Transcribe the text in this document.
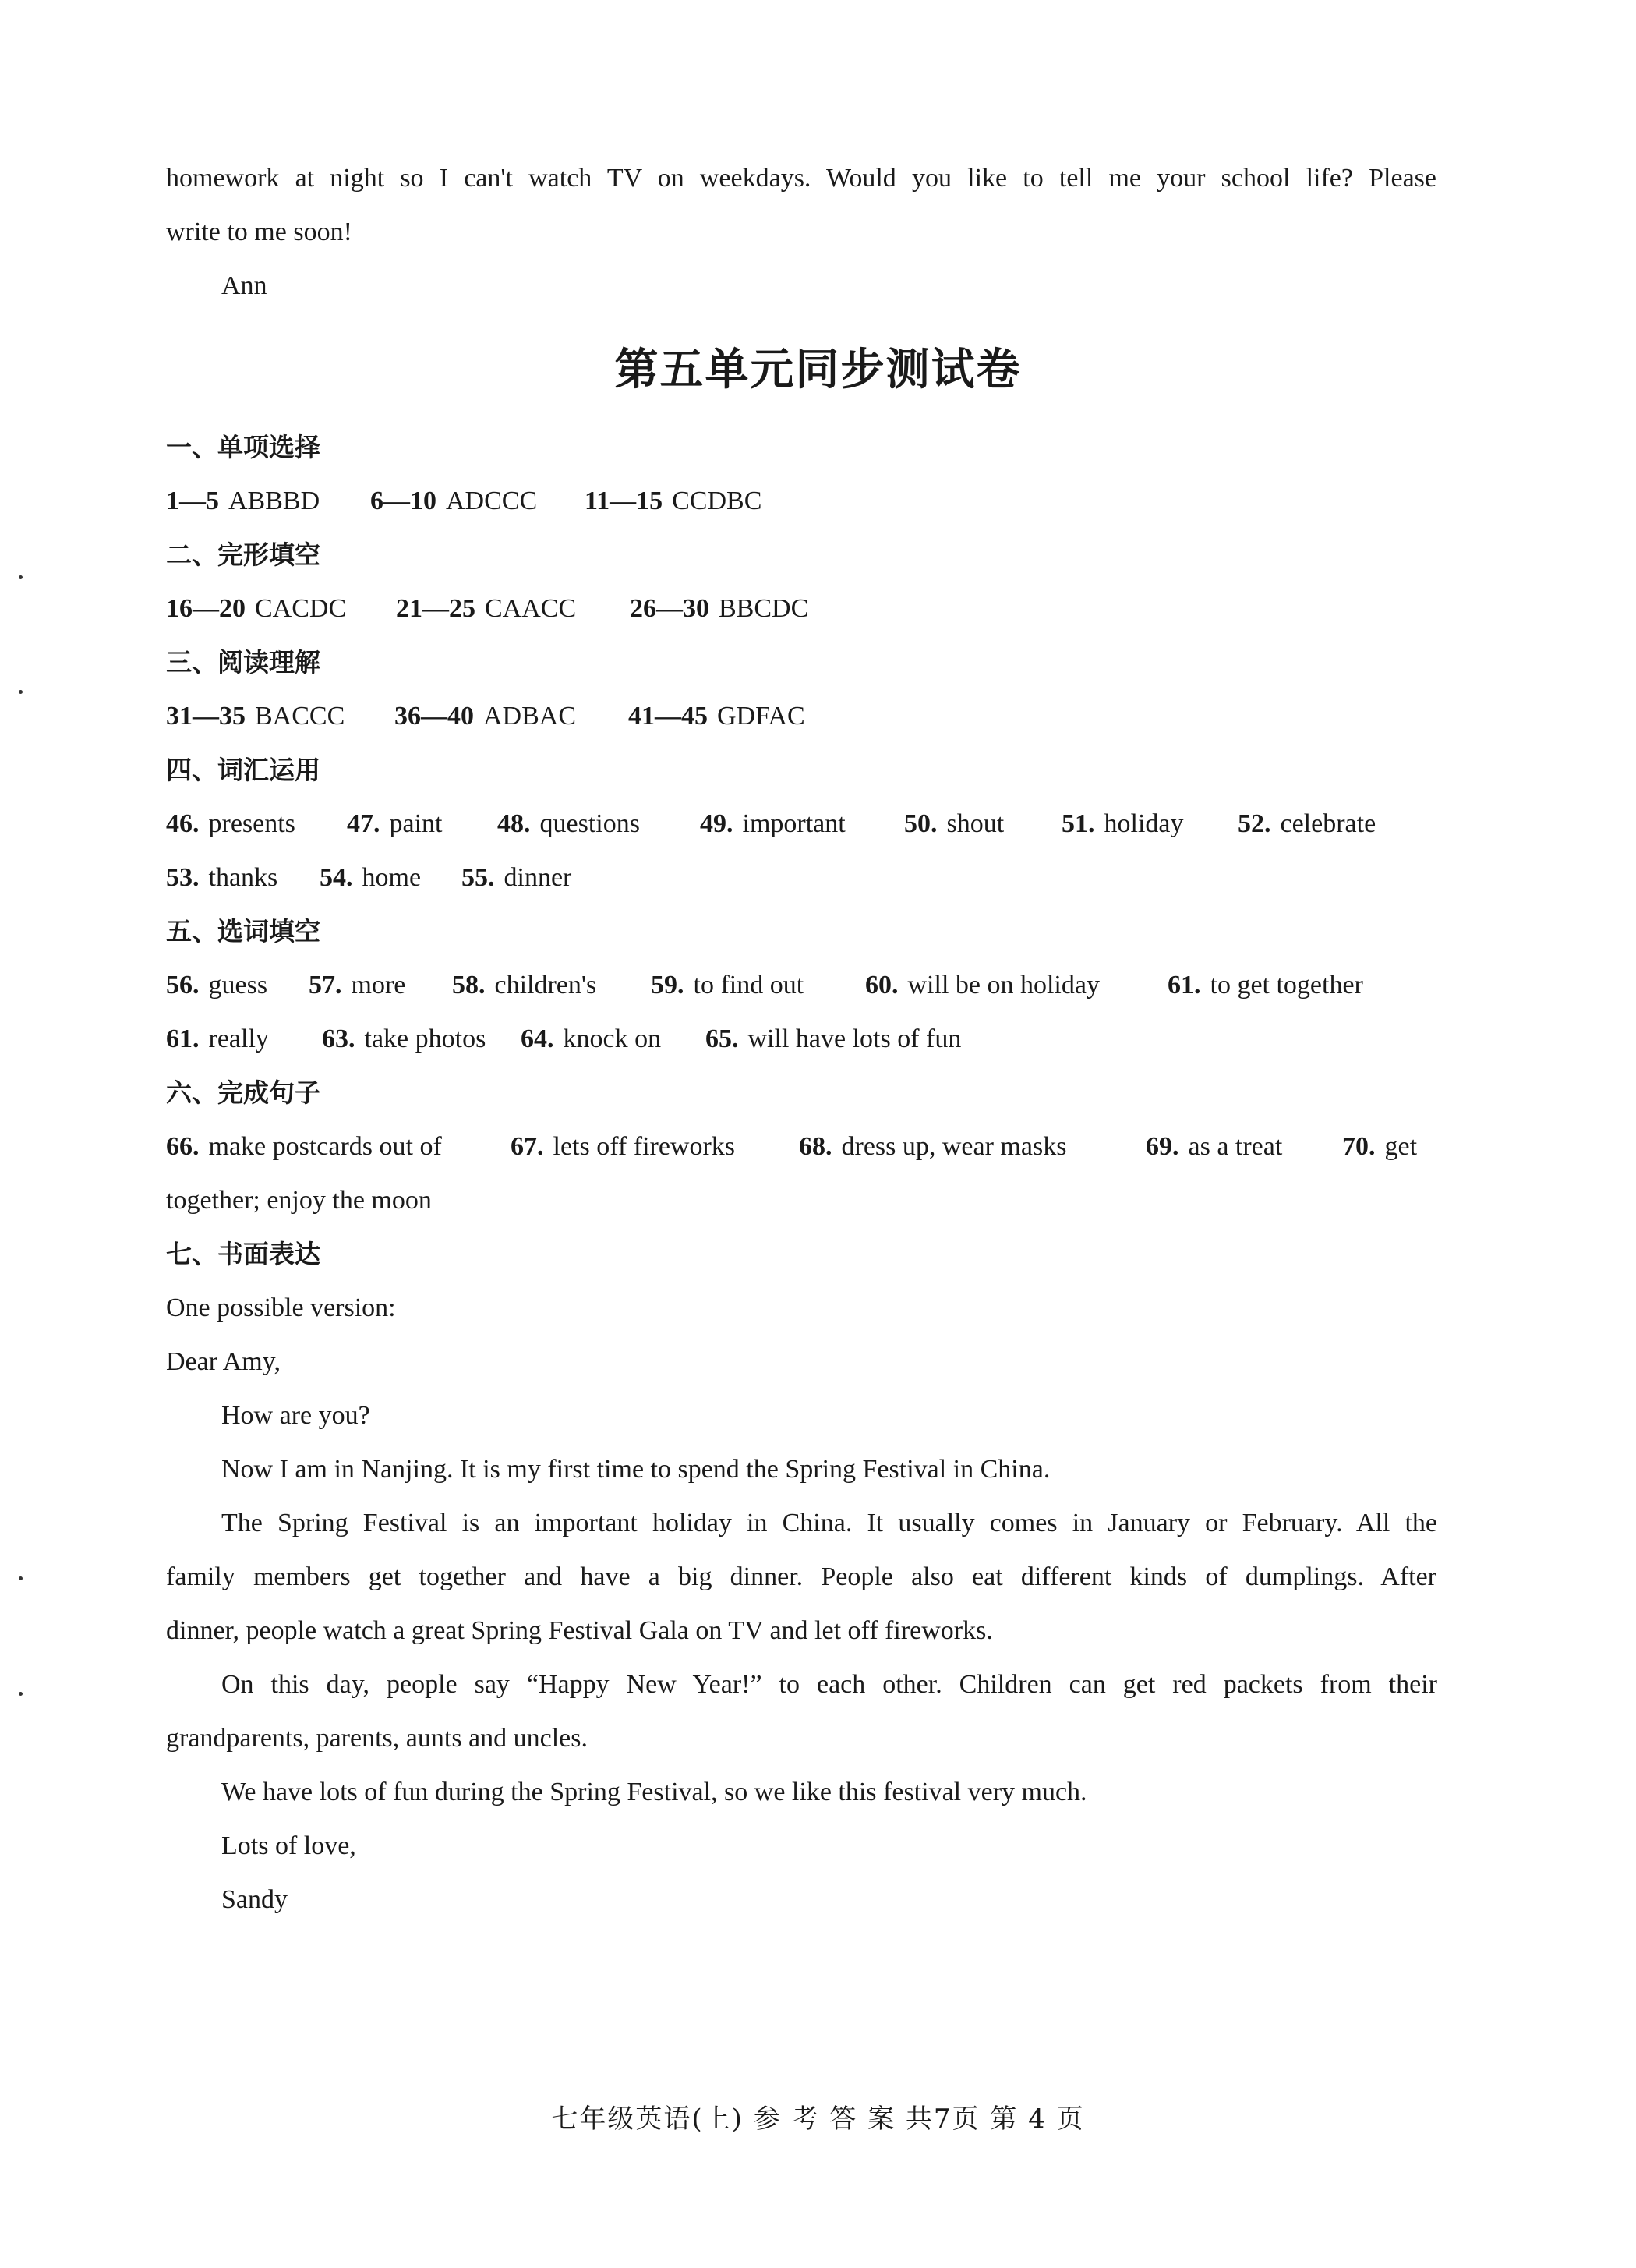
homework at night so I can't watch TV on weekdays. Would you like to tell me your school life? Please
write to me soon!
Ann
第五单元同步测试卷
一、单项选择
1—5 ABBBD 6—10 ADCCC 11—15 CCDBC
二、完形填空
16—20 CACDC 21—25 CAACC 26—30 BBCDC
三、阅读理解
31—35 BACCC 36—40 ADBAC 41—45 GDFAC
四、词汇运用
46. presents 47. paint 48. questions 49. important 50. shout 51. holiday 52. celebrate
53. thanks 54. home 55. dinner
五、选词填空
56. guess 57. more 58. children's 59. to find out 60. will be on holiday	61. to get together
61. really 63. take photos 64. knock on 65. will have lots of fun
六、完成句子
66. make postcards out of	67. lets off fireworks 68. dress up, wear masks	69. as a treat 70. get
together; enjoy the moon
七、书面表达
One possible version:
Dear Amy,
How are you?
Now I am in Nanjing. It is my first time to spend the Spring Festival in China.
The Spring Festival is an important holiday in China. It usually comes in January or February. All the
family members get together and have a big dinner. People also eat different kinds of dumplings. After
dinner, people watch a great Spring Festival Gala on TV and let off fireworks.
On this day, people say “Happy New Year!” to each other. Children can get red packets from their
grandparents, parents, aunts and uncles.
We have lots of fun during the Spring Festival, so we like this festival very much.
Lots of love,
Sandy
七年级英语(上) 参 考 答 案 共7页 第 4 页
